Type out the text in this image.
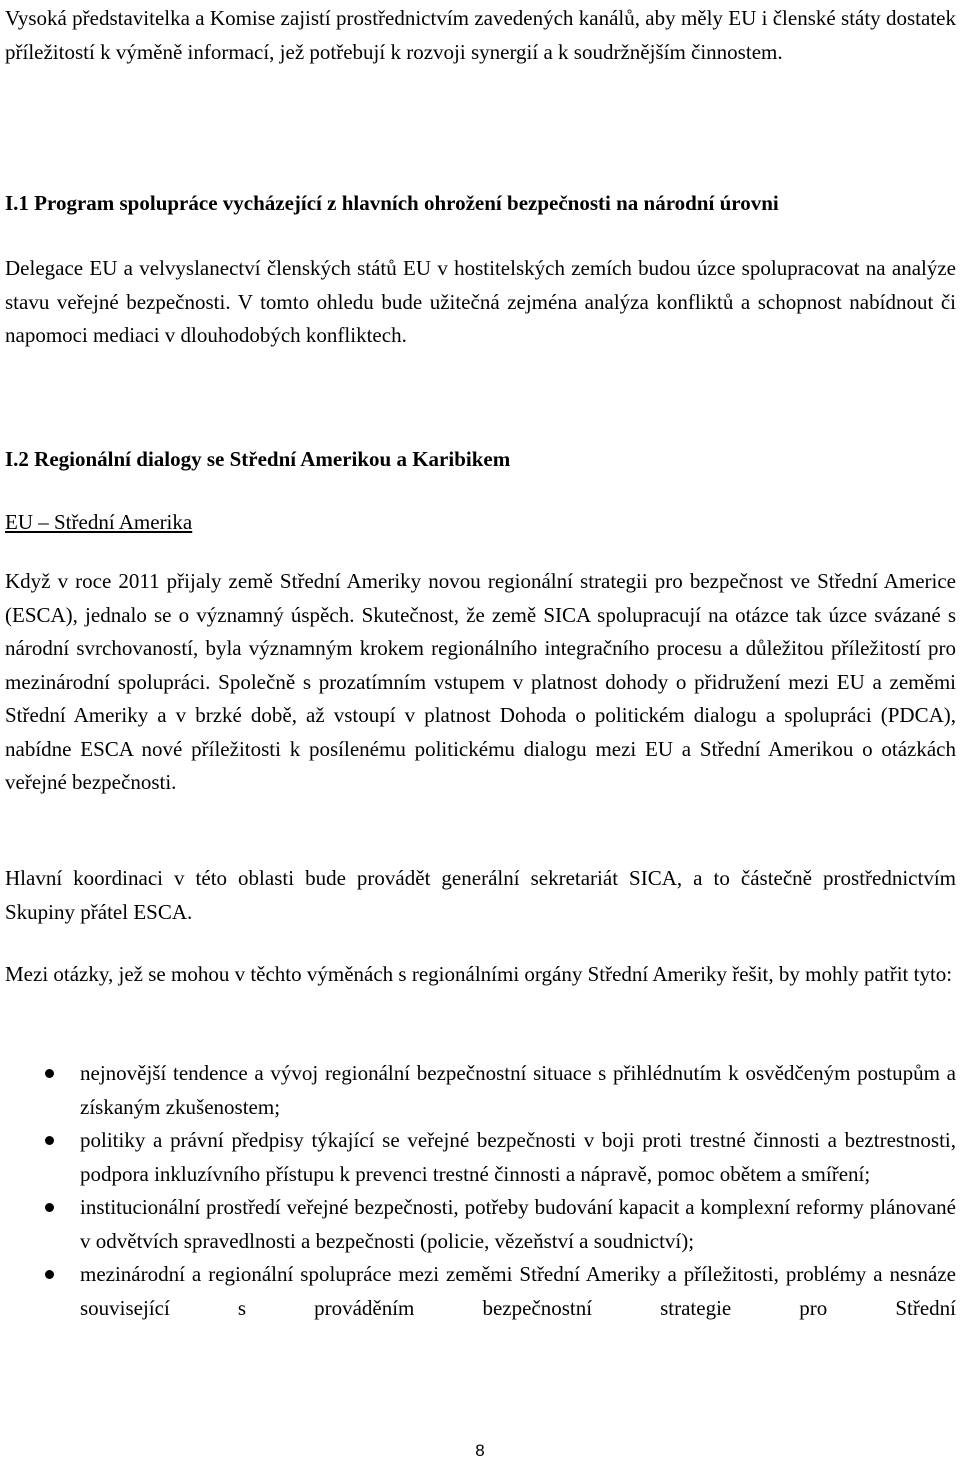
Vysoká představitelka a Komise zajistí prostřednictvím zavedených kanálů, aby měly EU i členské státy dostatek příležitostí k výměně informací, jež potřebují k rozvoji synergií a k soudržnějším činnostem.

I.1 Program spolupráce vycházející z hlavních ohrožení bezpečnosti na národní úrovni

Delegace EU a velvyslanectví členských států EU v hostitelských zemích budou úzce spolupracovat na analýze stavu veřejné bezpečnosti. V tomto ohledu bude užitečná zejména analýza konfliktů a schopnost nabídnout či napomoci mediaci v dlouhodobých konfliktech.

I.2 Regionální dialogy se Střední Amerikou a Karibikem
EU – Střední Amerika

Když v roce 2011 přijaly země Střední Ameriky novou regionální strategii pro bezpečnost ve Střední Americe (ESCA), jednalo se o významný úspěch. Skutečnost, že země SICA spolupracují na otázce tak úzce svázané s národní svrchovaností, byla významným krokem regionálního integračního procesu a důležitou příležitostí pro mezinárodní spolupráci. Společně s prozatímním vstupem v platnost dohody o přidružení mezi EU a zeměmi Střední Ameriky a v brzké době, až vstoupí v platnost Dohoda o politickém dialogu a spolupráci (PDCA), nabídne ESCA nové příležitosti k posílenému politickému dialogu mezi EU a Střední Amerikou o otázkách veřejné bezpečnosti.

Hlavní koordinaci v této oblasti bude provádět generální sekretariát SICA, a to částečně prostřednictvím Skupiny přátel ESCA.

Mezi otázky, jež se mohou v těchto výměnách s regionálními orgány Střední Ameriky řešit, by mohly patřit tyto:

nejnovější tendence a vývoj regionální bezpečnostní situace s přihlédnutím k osvědčeným postupům a získaným zkušenostem;
politiky a právní předpisy týkající se veřejné bezpečnosti v boji proti trestné činnosti a beztrestnosti, podpora inkluzívního přístupu k prevenci trestné činnosti a nápravě, pomoc obětem a smíření;
institucionální prostředí veřejné bezpečnosti, potřeby budování kapacit a komplexní reformy plánované v odvětvích spravedlnosti a bezpečnosti (policie, vězeňství a soudnictví);
mezinárodní a regionální spolupráce mezi zeměmi Střední Ameriky a příležitosti, problémy a nesnáze související s prováděním bezpečnostní strategie pro Střední
8
